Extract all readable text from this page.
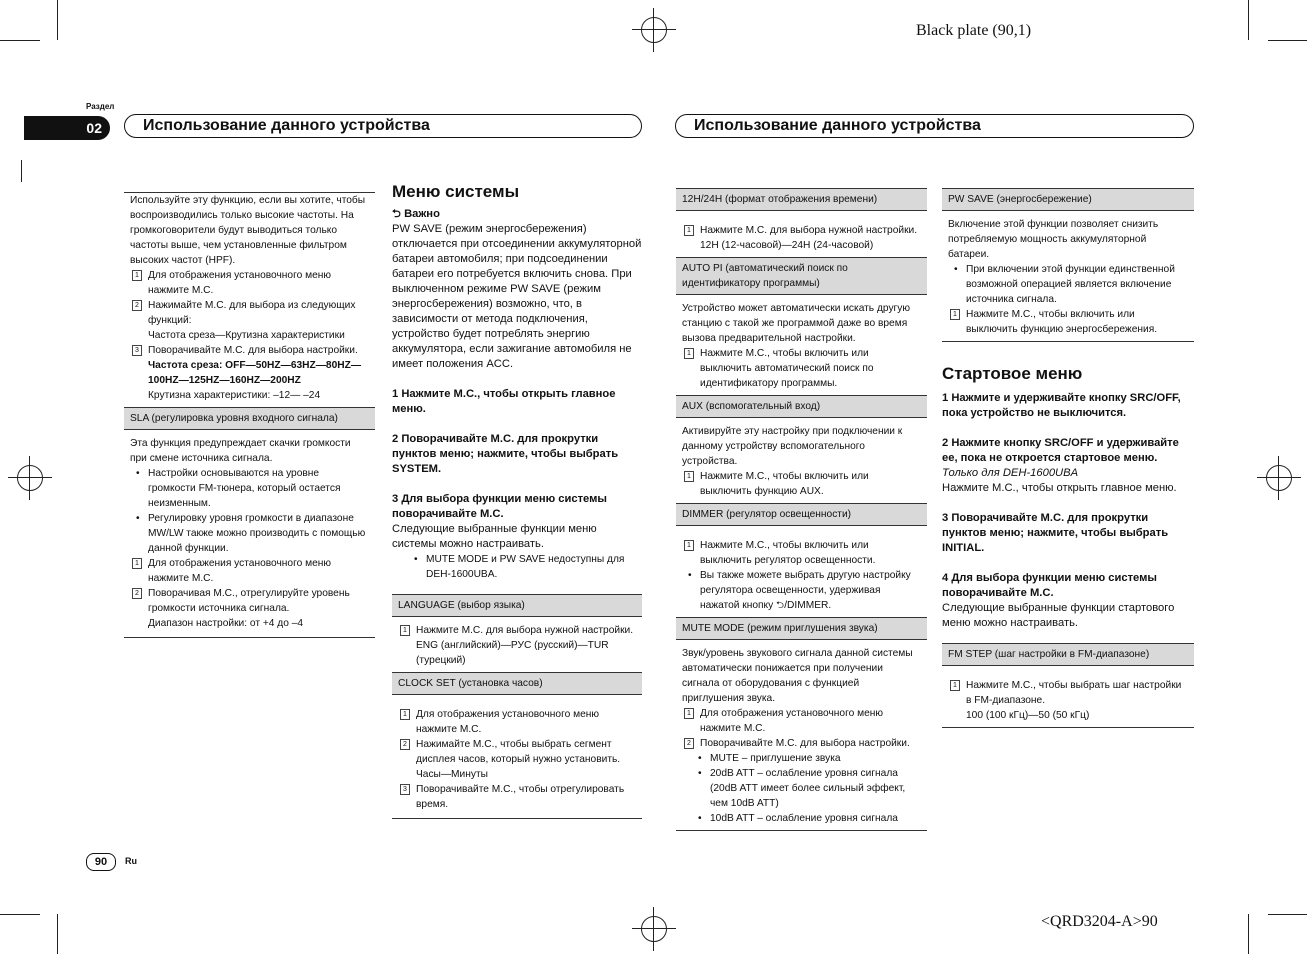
Black plate (90,1)
<QRD3204-A>90
Раздел
02	Использование данного устройства	Использование данного устройства

Используйте эту функцию, если вы хотите, чтобы воспроизводились только высокие частоты. На громкоговорители будут выводиться только частоты выше, чем установленные фильтром высоких частот (HPF).

1 Для отображения установочного меню нажмите M.C.
2 Нажимайте M.C. для выбора из следующих функций:
Частота среза—Крутизна характеристики
3 Поворачивайте M.C. для выбора настройки.
Частота среза: OFF—50HZ—63HZ—80HZ—100HZ—125HZ—160HZ—200HZ
Крутизна характеристики: –12— –24
SLA (регулировка уровня входного сигнала)

Эта функция предупреждает скачки громкости при смене источника сигнала.

• Настройки основываются на уровне громкости FM-тюнера, который остается неизменным.
• Регулировку уровня громкости в диапазоне MW/LW также можно производить с помощью данной функции.
1 Для отображения установочного меню нажмите M.C.
2 Поворачивая M.C., отрегулируйте уровень громкости источника сигнала.
Диапазон настройки: от +4 до –4
Меню системы

⮌ Важно

PW SAVE (режим энергосбережения) отключается при отсоединении аккумуляторной батареи автомобиля; при подсоединении батареи его потребуется включить снова. При выключенном режиме PW SAVE (режим энергосбережения) возможно, что, в зависимости от метода подключения, устройство будет потреблять энергию аккумулятора, если зажигание автомобиля не имеет положения ACC.

1 Нажмите M.C., чтобы открыть главное меню.

2 Поворачивайте M.C. для прокрутки пунктов меню; нажмите, чтобы выбрать SYSTEM.

3 Для выбора функции меню системы поворачивайте M.C.

Следующие выбранные функции меню системы можно настраивать.

• MUTE MODE и PW SAVE недоступны для DEH-1600UBA.
LANGUAGE (выбор языка)
1 Нажмите M.C. для выбора нужной настройки.
ENG (английский)—РУС (русский)—TUR (турецкий)
CLOCK SET (установка часов)
1 Для отображения установочного меню нажмите M.C.
2 Нажимайте M.C., чтобы выбрать сегмент дисплея часов, который нужно установить.
Часы—Минуты
3 Поворачивайте M.C., чтобы отрегулировать время.
12H/24H (формат отображения времени)
1 Нажмите M.C. для выбора нужной настройки.
12H (12-часовой)—24H (24-часовой)
AUTO PI (автоматический поиск по идентификатору программы)

Устройство может автоматически искать другую станцию с такой же программой даже во время вызова предварительной настройки.

1 Нажмите M.C., чтобы включить или выключить автоматический поиск по идентификатору программы.
AUX (вспомогательный вход)

Активируйте эту настройку при подключении к данному устройству вспомогательного устройства.

1 Нажмите M.C., чтобы включить или выключить функцию AUX.
DIMMER (регулятор освещенности)
1 Нажмите M.C., чтобы включить или выключить регулятор освещенности.
• Вы также можете выбрать другую настройку регулятора освещенности, удерживая нажатой кнопку ⮌/DIMMER.
MUTE MODE (режим приглушения звука)

Звук/уровень звукового сигнала данной системы автоматически понижается при получении сигнала от оборудования с функцией приглушения звука.

1 Для отображения установочного меню нажмите M.C.
2 Поворачивайте M.C. для выбора настройки.
• MUTE – приглушение звука
• 20dB ATT – ослабление уровня сигнала (20dB ATT имеет более сильный эффект, чем 10dB ATT)
• 10dB ATT – ослабление уровня сигнала
PW SAVE (энергосбережение)

Включение этой функции позволяет снизить потребляемую мощность аккумуляторной батареи.

• При включении этой функции единственной возможной операцией является включение источника сигнала.
1 Нажмите M.C., чтобы включить или выключить функцию энергосбережения.
Стартовое меню

1 Нажмите и удерживайте кнопку SRC/OFF, пока устройство не выключится.

2 Нажмите кнопку SRC/OFF и удерживайте ее, пока не откроется стартовое меню.

Только для DEH-1600UBA

Нажмите M.C., чтобы открыть главное меню.

3 Поворачивайте M.C. для прокрутки пунктов меню; нажмите, чтобы выбрать INITIAL.

4 Для выбора функции меню системы поворачивайте M.C.

Следующие выбранные функции стартового меню можно настраивать.

FM STEP (шаг настройки в FM-диапазоне)
1 Нажмите M.C., чтобы выбрать шаг настройки в FM-диапазоне.
100 (100 кГц)—50 (50 кГц)
90	Ru
